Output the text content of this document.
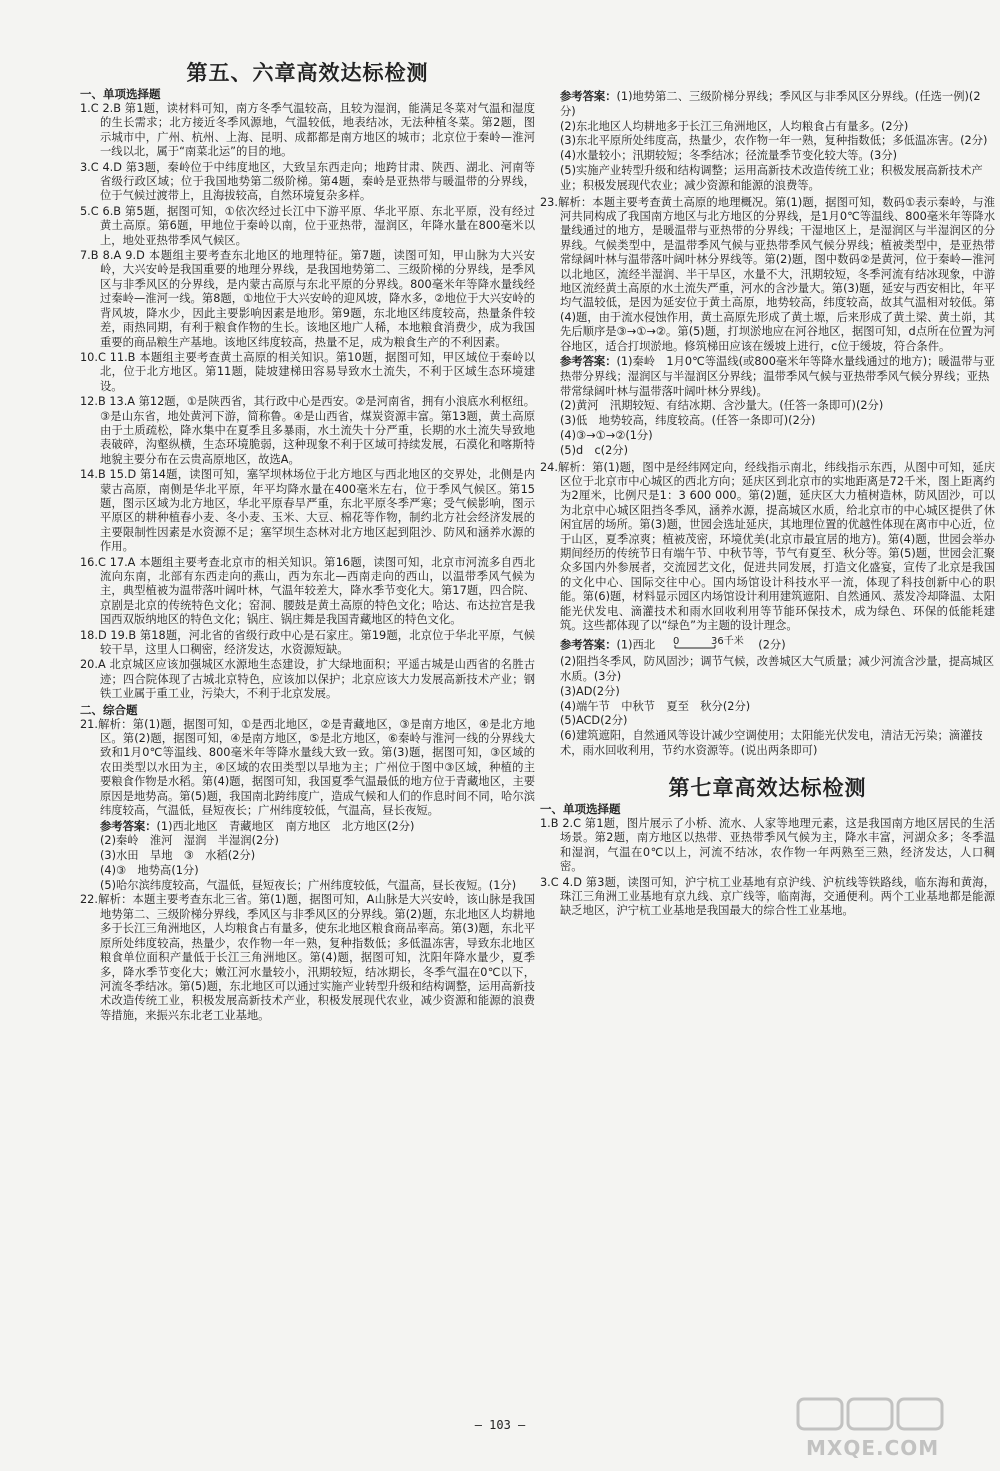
第五、六章高效达标检测
一、单项选择题

1.C 2.B 第1题，读材料可知，南方冬季气温较高，且较为湿润，能满足冬菜对气温和湿度的生长需求；北方接近冬季风源地，气温较低，地表结冰，无法种植冬菜。第2题，图示城市中，广州、杭州、上海、昆明、成都都是南方地区的城市；北京位于秦岭—淮河一线以北，属于“南菜北运”的目的地。

3.C 4.D 第3题，秦岭位于中纬度地区，大致呈东西走向；地跨甘肃、陕西、湖北、河南等省级行政区域；位于我国地势第二级阶梯。第4题，秦岭是亚热带与暖温带的分界线，位于气候过渡带上，且海拔较高，自然环境复杂多样。

5.C 6.B 第5题，据图可知，①依次经过长江中下游平原、华北平原、东北平原，没有经过黄土高原。第6题，甲地位于秦岭以南，位于亚热带，湿润区，年降水量在800毫米以上，地处亚热带季风气候区。

7.B 8.A 9.D 本题组主要考查东北地区的地理特征。第7题，读图可知，甲山脉为大兴安岭，大兴安岭是我国重要的地理分界线，是我国地势第二、三级阶梯的分界线，是季风区与非季风区的分界线，是内蒙古高原与东北平原的分界线。800毫米年等降水量线经过秦岭—淮河一线。第8题，①地位于大兴安岭的迎风坡，降水多，②地位于大兴安岭的背风坡，降水少，因此主要影响因素是地形。第9题，东北地区纬度较高，热量条件较差，雨热同期，有利于粮食作物的生长。该地区地广人稀，本地粮食消费少，成为我国重要的商品粮生产基地。该地区纬度较高，热量不足，成为粮食生产的不利因素。

10.C 11.B 本题组主要考查黄土高原的相关知识。第10题，据图可知，甲区域位于秦岭以北，位于北方地区。第11题，陡坡建梯田容易导致水土流失，不利于区域生态环境建设。

12.B 13.A 第12题，①是陕西省，其行政中心是西安。②是河南省，拥有小浪底水利枢纽。③是山东省，地处黄河下游，简称鲁。④是山西省，煤炭资源丰富。第13题，黄土高原由于土质疏松，降水集中在夏季且多暴雨，水土流失十分严重，长期的水土流失导致地表破碎，沟壑纵横，生态环境脆弱，这种现象不利于区域可持续发展，石漠化和喀斯特地貌主要分布在云贵高原地区，故选A。

14.B 15.D 第14题，读图可知，塞罕坝林场位于北方地区与西北地区的交界处，北侧是内蒙古高原，南侧是华北平原，年平均降水量在400毫米左右，位于季风气候区。第15题，图示区域为北方地区，华北平原春旱严重，东北平原冬季严寒；受气候影响，图示平原区的耕种植春小麦、冬小麦、玉米、大豆、棉花等作物，制约北方社会经济发展的主要限制性因素是水资源不足；塞罕坝生态林对北方地区起到阻沙、防风和涵养水源的作用。

16.C 17.A 本题组主要考查北京市的相关知识。第16题，读图可知，北京市河流多自西北流向东南，北部有东西走向的燕山，西为东北—西南走向的西山，以温带季风气候为主，典型植被为温带落叶阔叶林，气温年较差大，降水季节变化大。第17题，四合院、京剧是北京的传统特色文化；窑洞、腰鼓是黄土高原的特色文化；哈达、布达拉宫是我国西双版纳地区的特色文化；锅庄、锅庄舞是我国青藏地区的特色文化。

18.D 19.B 第18题，河北省的省级行政中心是石家庄。第19题，北京位于华北平原，气候较干旱，这里人口稠密，经济发达，水资源短缺。

20.A 北京城区应该加强城区水源地生态建设，扩大绿地面积；平遥古城是山西省的名胜古迹；四合院体现了古城北京特色，应该加以保护；北京应该大力发展高新技术产业；钢铁工业属于重工业，污染大，不利于北京发展。

二、综合题

21.解析：第(1)题，据图可知，①是西北地区，②是青藏地区，③是南方地区，④是北方地区。第(2)题，据图可知，④是南方地区，⑤是北方地区，⑥秦岭与淮河一线的分界线大致和1月0℃等温线、800毫米年等降水量线大致一致。第(3)题，据图可知，③区域的农田类型以水田为主，④区域的农田类型以旱地为主；广州位于图中③区域，种植的主要粮食作物是水稻。第(4)题，据图可知，我国夏季气温最低的地方位于青藏地区，主要原因是地势高。第(5)题，我国南北跨纬度广，造成气候和人们的作息时间不同，哈尔滨纬度较高，气温低，昼短夜长；广州纬度较低，气温高，昼长夜短。

参考答案：(1)西北地区　青藏地区　南方地区　北方地区(2分)

(2)秦岭　淮河　湿润　半湿润(2分)

(3)水田　旱地　③　水稻(2分)

(4)③　地势高(1分)

(5)哈尔滨纬度较高，气温低，昼短夜长；广州纬度较低，气温高，昼长夜短。(1分)

22.解析：本题主要考查东北三省。第(1)题，据图可知，A山脉是大兴安岭，该山脉是我国地势第二、三级阶梯分界线，季风区与非季风区的分界线。第(2)题，东北地区人均耕地多于长江三角洲地区，人均粮食占有量多，使东北地区粮食商品率高。第(3)题，东北平原所处纬度较高，热量少，农作物一年一熟，复种指数低；多低温冻害，导致东北地区粮食单位面积产量低于长江三角洲地区。第(4)题，据图可知，沈阳年降水量少，夏季多，降水季节变化大；嫩江河水量较小，汛期较短，结冰期长，冬季气温在0℃以下，河流冬季结冰。第(5)题，东北地区可以通过实施产业转型升级和结构调整，运用高新技术改造传统工业，积极发展高新技术产业，积极发展现代农业，减少资源和能源的浪费等措施，来振兴东北老工业基地。

参考答案：(1)地势第二、三级阶梯分界线；季风区与非季风区分界线。(任选一例)(2分)

(2)东北地区人均耕地多于长江三角洲地区，人均粮食占有量多。(2分)

(3)东北平原所处纬度高，热量少，农作物一年一熟，复种指数低；多低温冻害。(2分)

(4)水量较小；汛期较短；冬季结冰；径流量季节变化较大等。(3分)

(5)实施产业转型升级和结构调整；运用高新技术改造传统工业；积极发展高新技术产业；积极发展现代农业；减少资源和能源的浪费等。

23.解析：本题主要考查黄土高原的地理概况。第(1)题，据图可知，数码①表示秦岭，与淮河共同构成了我国南方地区与北方地区的分界线，是1月0℃等温线、800毫米年等降水量线通过的地方，是暖温带与亚热带的分界线；干湿地区上，是湿润区与半湿润区的分界线。气候类型中，是温带季风气候与亚热带季风气候分界线；植被类型中，是亚热带常绿阔叶林与温带落叶阔叶林分界线等。第(2)题，图中数码②是黄河，位于秦岭—淮河以北地区，流经半湿润、半干旱区，水量不大，汛期较短，冬季河流有结冰现象，中游地区流经黄土高原的水土流失严重，河水的含沙量大。第(3)题，延安与西安相比，年平均气温较低，是因为延安位于黄土高原，地势较高，纬度较高，故其气温相对较低。第(4)题，由于流水侵蚀作用，黄土高原先形成了黄土塬，后来形成了黄土梁、黄土峁，其先后顺序是③→①→②。第(5)题，打坝淤地应在河谷地区，据图可知，d点所在位置为河谷地区，适合打坝淤地。修筑梯田应该在缓坡上进行，c位于缓坡，符合条件。

参考答案：(1)秦岭　1月0℃等温线(或800毫米年等降水量线通过的地方)；暖温带与亚热带分界线；湿润区与半湿润区分界线；温带季风气候与亚热带季风气候分界线；亚热带常绿阔叶林与温带落叶阔叶林分界线)。

(2)黄河　汛期较短、有结冰期、含沙量大。(任答一条即可)(2分)

(3)低　地势较高，纬度较高。(任答一条即可)(2分)

(4)③→①→②(1分)

(5)d　c(2分)

24.解析：第(1)题，图中是经纬网定向，经线指示南北，纬线指示东西，从图中可知，延庆区位于北京市中心城区的西北方向；延庆区到北京市的实地距离是72千米，图上距离约为2厘米，比例尺是1：3 600 000。第(2)题，延庆区大力植树造林，防风固沙，可以为北京中心城区阻挡冬季风，涵养水源，提高城区水质，给北京市的中心城区提供了休闲宜居的场所。第(3)题，世园会选址延庆，其地理位置的优越性体现在离市中心近，位于山区，夏季凉爽；植被茂密，环境优美(北京市最宜居的地方)。第(4)题，世园会举办期间经历的传统节日有端午节、中秋节等，节气有夏至、秋分等。第(5)题，世园会汇聚众多国内外参展者，交流园艺文化，促进共同发展，打造文化盛宴，宣传了北京是我国的文化中心、国际交往中心。国内场馆设计科技水平一流，体现了科技创新中心的职能。第(6)题，材料显示园区内场馆设计利用建筑遮阳、自然通风、蒸发冷却降温、太阳能光伏发电、滴灌技术和雨水回收利用等节能环保技术，成为绿色、环保的低能耗建筑。这些都体现了以“绿色”为主题的设计理念。

参考答案：(1)西北 0	36千米 (2分)

(2)阻挡冬季风，防风固沙；调节气候，改善城区大气质量；减少河流含沙量，提高城区水质。(3分)

(3)AD(2分)

(4)端午节　中秋节　夏至　秋分(2分)

(5)ACD(2分)

(6)建筑遮阳，自然通风等设计减少空调使用；太阳能光伏发电，清洁无污染；滴灌技术，雨水回收利用，节约水资源等。(说出两条即可)

第七章高效达标检测
一、单项选择题

1.B 2.C 第1题，图片展示了小桥、流水、人家等地理元素，这是我国南方地区居民的生活场景。第2题，南方地区以热带、亚热带季风气候为主，降水丰富，河湖众多；冬季温和湿润，气温在0℃以上，河流不结冰，农作物一年两熟至三熟，经济发达，人口稠密。

3.C 4.D 第3题，读图可知，沪宁杭工业基地有京沪线、沪杭线等铁路线，临东海和黄海，珠江三角洲工业基地有京九线、京广线等，临南海，交通便利。两个工业基地都是能源缺乏地区，沪宁杭工业基地是我国最大的综合性工业基地。

— 103 —
MXQE.COM
